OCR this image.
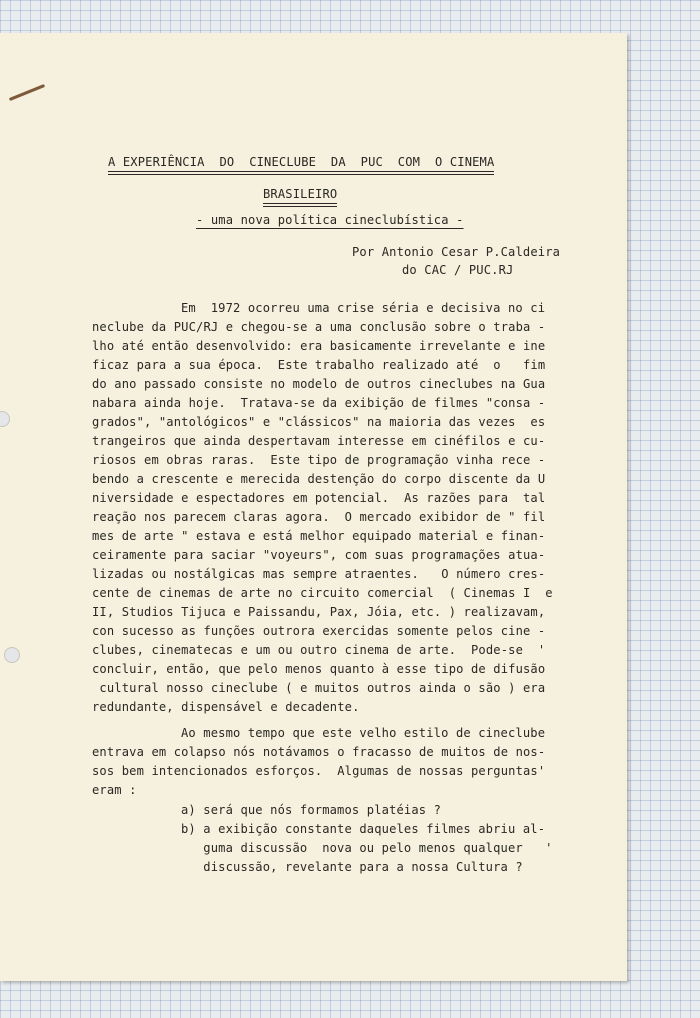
A EXPERIÊNCIA  DO  CINECLUBE  DA  PUC  COM  O CINEMA
BRASILEIRO
- uma nova política cineclubística -
Por Antonio Cesar P.Caldeira
do CAC / PUC.RJ
Em  1972 ocorreu uma crise séria e decisiva no ci
neclube da PUC/RJ e chegou-se a uma conclusão sobre o traba -
lho até então desenvolvido: era basicamente irrevelante e ine
ficaz para a sua época.  Este trabalho realizado até  o   fim
do ano passado consiste no modelo de outros cineclubes na Gua
nabara ainda hoje.  Tratava-se da exibição de filmes "consa -
grados", "antológicos" e "clássicos" na maioria das vezes  es
trangeiros que ainda despertavam interesse em cinéfilos e cu-
riosos em obras raras.  Este tipo de programação vinha rece -
bendo a crescente e merecida destenção do corpo discente da U
niversidade e espectadores em potencial.  As razões para  tal
reação nos parecem claras agora.  O mercado exibidor de " fil
mes de arte " estava e está melhor equipado material e finan-
ceiramente para saciar "voyeurs", com suas programações atua-
lizadas ou nostálgicas mas sempre atraentes.   O número cres-
cente de cinemas de arte no circuito comercial  ( Cinemas I  e
II, Studios Tijuca e Paissandu, Pax, Jóia, etc. ) realizavam,
con sucesso as funções outrora exercidas somente pelos cine -
clubes, cinematecas e um ou outro cinema de arte.  Pode-se  '
concluir, então, que pelo menos quanto à esse tipo de difusão
cultural nosso cineclube ( e muitos outros ainda o são ) era
redundante, dispensável e decadente.
Ao mesmo tempo que este velho estilo de cineclube
entrava em colapso nós notávamos o fracasso de muitos de nos-
sos bem intencionados esforços.  Algumas de nossas perguntas'
eram :
a) será que nós formamos platéias ?
b) a exibição constante daqueles filmes abriu al-
guma discussão  nova ou pelo menos qualquer   '
discussão, revelante para a nossa Cultura ?
